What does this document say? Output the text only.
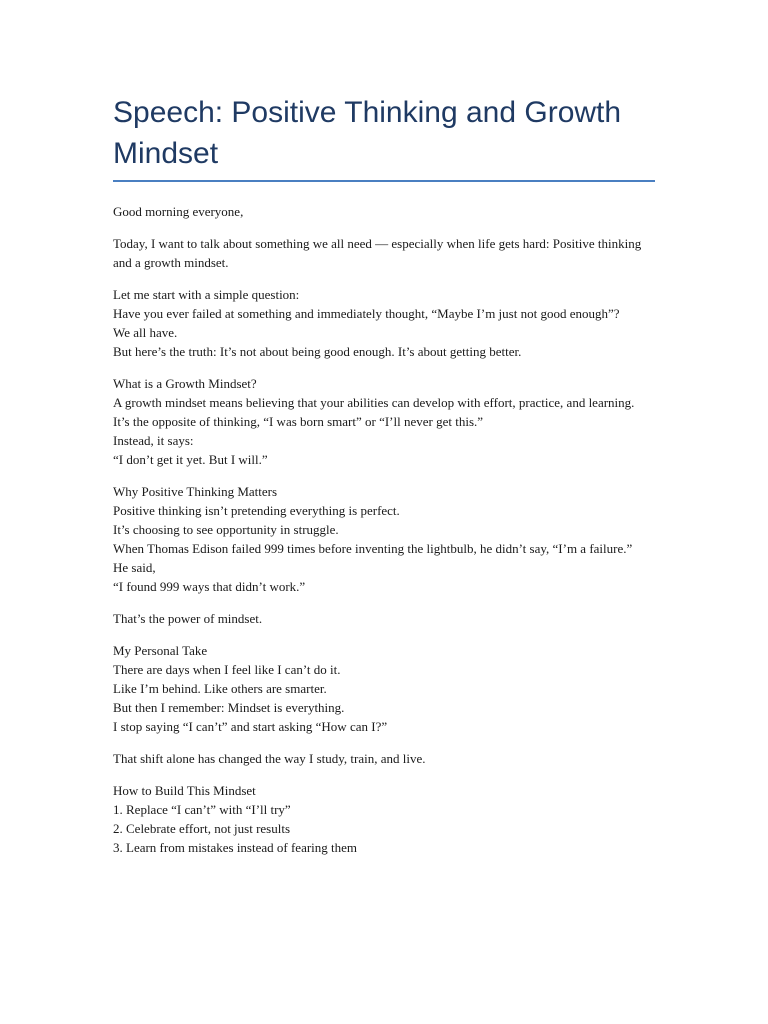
Speech: Positive Thinking and Growth Mindset
Good morning everyone,
Today, I want to talk about something we all need — especially when life gets hard: Positive thinking and a growth mindset.
Let me start with a simple question:
Have you ever failed at something and immediately thought, “Maybe I’m just not good enough”?
We all have.
But here’s the truth: It’s not about being good enough. It’s about getting better.
What is a Growth Mindset?
A growth mindset means believing that your abilities can develop with effort, practice, and learning.
It’s the opposite of thinking, “I was born smart” or “I’ll never get this.”
Instead, it says:
“I don’t get it yet. But I will.”
Why Positive Thinking Matters
Positive thinking isn’t pretending everything is perfect.
It’s choosing to see opportunity in struggle.
When Thomas Edison failed 999 times before inventing the lightbulb, he didn’t say, “I’m a failure.”
He said,
“I found 999 ways that didn’t work.”
That’s the power of mindset.
My Personal Take
There are days when I feel like I can’t do it.
Like I’m behind. Like others are smarter.
But then I remember: Mindset is everything.
I stop saying “I can’t” and start asking “How can I?”
That shift alone has changed the way I study, train, and live.
How to Build This Mindset
1. Replace “I can’t” with “I’ll try”
2. Celebrate effort, not just results
3. Learn from mistakes instead of fearing them
